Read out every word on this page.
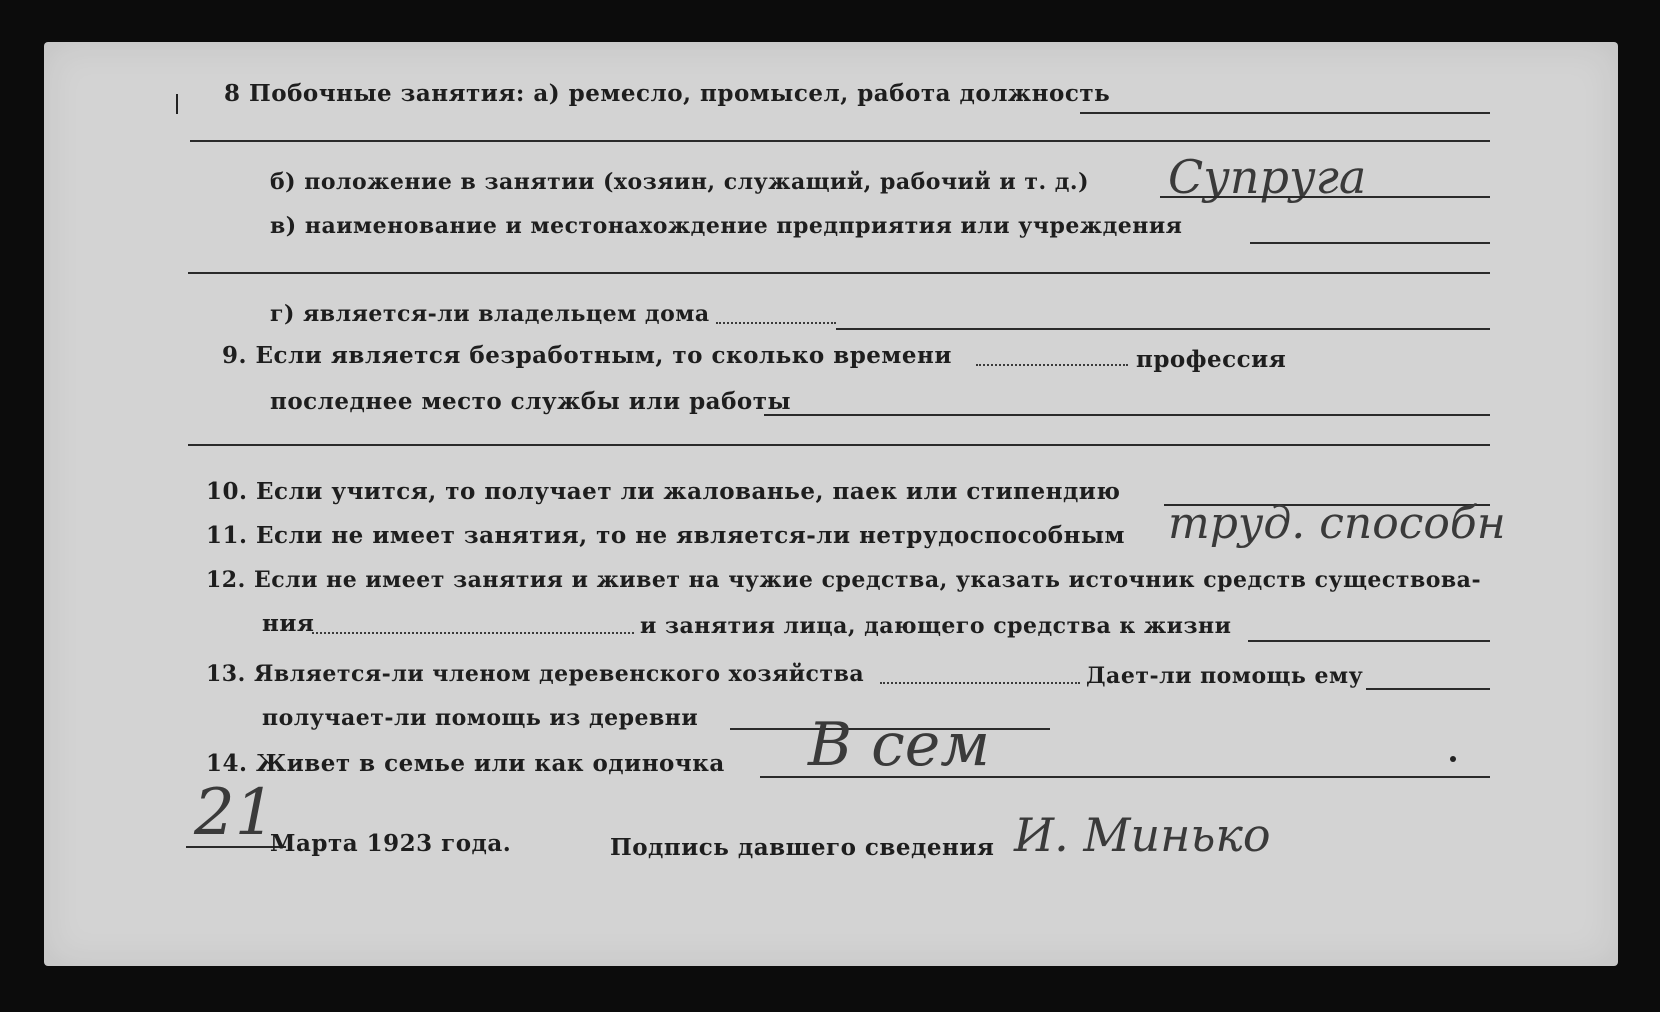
8 Побочные занятия: а) ремесло, промысел, работа должность
б) положение в занятии (хозяин, служащий, рабочий и т. д.) Супруга
в) наименование и местонахождение предприятия или учреждения
г) является-ли владельцем дома
9. Если является безработным, то сколько времени	профессия
последнее место службы или работы
10. Если учится, то получает ли жалованье, паек или стипендию
11. Если не имеет занятия, то не является-ли нетрудоспособным труд. способн
12. Если не имеет занятия и живет на чужие средства, указать источник средств существова-
ния	и занятия лица, дающего средства к жизни
13. Является-ли членом деревенского хозяйства	Дает-ли помощь ему
получает-ли помощь из деревни
14. Живет в семье или как одиночка В сем
21
Марта 1923 года.	Подпись давшего сведения И. Минько
